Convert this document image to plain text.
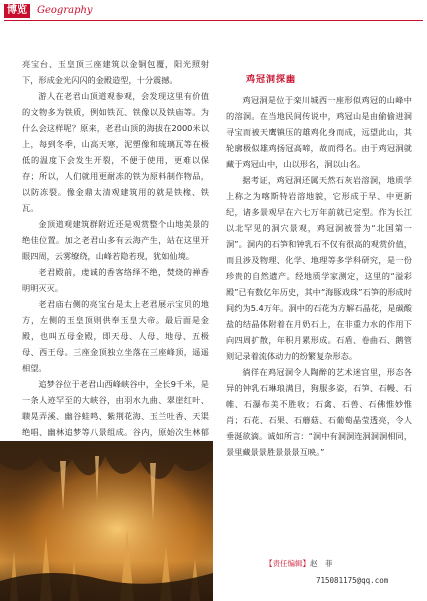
博览	Geography

亮宝台、玉皇顶三座建筑以金铜包覆，阳光照射下，形成金光闪闪的金殿造型，十分震撼。

游人在老君山顶道观参观，会发现这里有价值的文物多为铁质，例如铁瓦、铁像以及铁庙等。为什么会这样呢？原来，老君山顶的海拔在2000米以上，每到冬季，山高天寒，泥塑像和琉璃瓦等在极低的温度下会发生开裂，不便于使用，更难以保存；所以，人们就用更耐冻的铁为原料制作物品，以防冻裂。像金鼎太清观建筑用的就是铁椽、铁瓦。

金顶道观建筑群附近还是观赏整个山地美景的绝佳位置。加之老君山多有云海产生，站在这里开眼四周，云雾缭绕，山峰若隐若现，犹如仙境。

老君殿前，虔诚的香客络绎不绝，焚烧的禅香明明灭灭。

老君庙右侧的亮宝台是太上老君展示宝贝的地方，左侧的玉皇顶则供奉玉皇大帝。最后面是金殿，也叫五母金殿，即天母、人母、地母、五极母、西王母。三座金顶独立坐落在三座峰顶，遥遥相望。

追梦谷位于老君山西峰峡谷中，全长9千米，是一条人迹罕至的大峡谷，由羽水九曲、翠崖红叶、聩晃弄溪、幽谷蛙鸣、紫荆花海、玉兰吐香、天渠绝唱、幽林追梦等八景组成。谷内，原始次生林郁

鸡冠洞探幽

鸡冠洞是位于栾川城西一座形似鸡冠的山峰中的溶洞。在当地民间传说中，鸡冠山是由偷偷进洞寻宝而被天鹰镇压的雄鸡化身而成，远望此山，其轮廓极似雄鸡扬冠高啼，故而得名。由于鸡冠洞就藏于鸡冠山中，山以形名，洞以山名。

据考证，鸡冠洞还属天然石灰岩溶洞，地质学上称之为喀斯特岩溶地貌，它形成于早、中更新纪，诸多景观早在六七万年前就已定型。作为长江以北罕见的洞穴景观，鸡冠洞被誉为“北国第一洞”。洞内的石笋和钟乳石不仅有很高的观赏价值，而且涉及物理、化学、地理等多学科研究，是一份珍贵的自然遗产。经地质学家测定，这里的“溢彩殿”已有数亿年历史，其中“海豚戏珠”石笋的形成时间约为5.4万年。洞中的石花为方解石晶花，是碳酸盐的结晶体附着在月奶石上，在非重力水的作用下向四周扩散，年积月累形成。石盾、卷曲石、鹅管则记录着流体动力的纷繁复杂形态。

徜徉在鸡冠洞令人陶醉的艺术迷宫里，形态各异的钟乳石琳琅满目，狗服多姿，石笋、石幔、石帷、石瀑布美不胜收；石禽、石兽、石佛惟妙惟肖；石花、石果、石蘑菇、石葡萄晶莹透亮，令人垂涎欲滴。诚如所言：“洞中有洞洞连洞洞洞相同，景里藏景景胜景景景互映。”

【责任编辑】赵　菲
715081175@qq.com
